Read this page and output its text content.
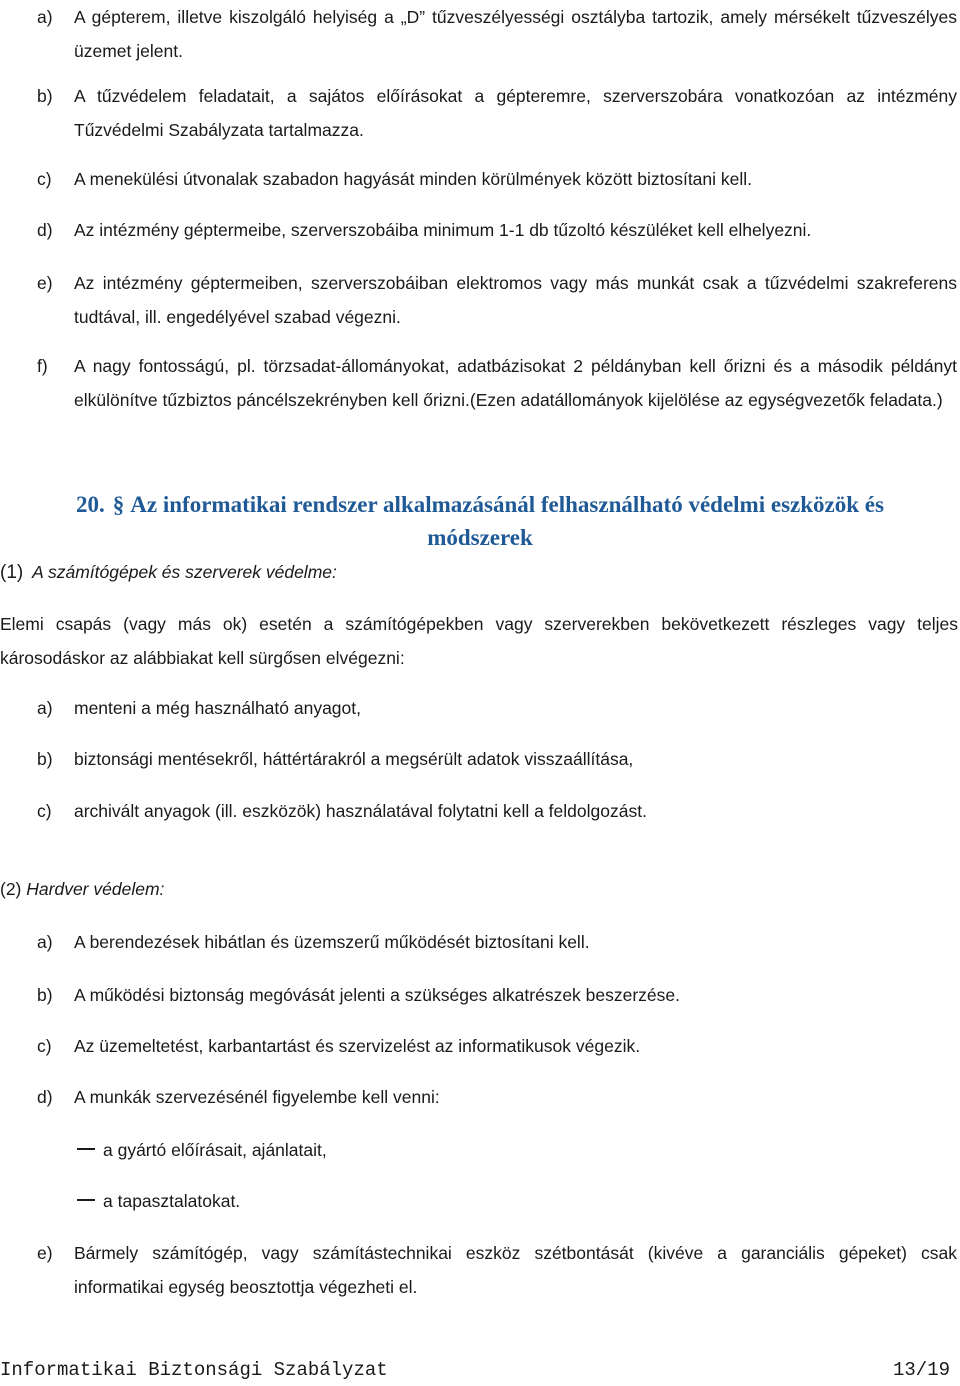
a) A gépterem, illetve kiszolgáló helyiség a „D” tűzveszélyességi osztályba tartozik, amely mérsékelt tűzveszélyes üzemet jelent.
b) A tűzvédelem feladatait, a sajátos előírásokat a gépteremre, szerverszobára vonatkozóan az intézmény Tűzvédelmi Szabályzata tartalmazza.
c) A menekülési útvonalak szabadon hagyását minden körülmények között biztosítani kell.
d) Az intézmény géptermeibe, szerverszobáiba minimum 1-1 db tűzoltó készüléket kell elhelyezni.
e) Az intézmény géptermeiben, szerverszobáiban elektromos vagy más munkát csak a tűzvédelmi szakreferens tudtával, ill. engedélyével szabad végezni.
f) A nagy fontosságú, pl. törzsadat-állományokat, adatbázisokat 2 példányban kell őrizni és a második példányt elkülönítve tűzbiztos páncélszekrényben kell őrizni.(Ezen adatállományok kijelölése az egységvezetők feladata.)
20. § Az informatikai rendszer alkalmazásánál felhasználható védelmi eszközök és
módszerek
(1) A számítógépek és szerverek védelme:
Elemi csapás (vagy más ok) esetén a számítógépekben vagy szerverekben bekövetkezett részleges vagy teljes károsodáskor az alábbiakat kell sürgősen elvégezni:
a) menteni a még használható anyagot,
b) biztonsági mentésekről, háttértárakról a megsérült adatok visszaállítása,
c) archivált anyagok (ill. eszközök) használatával folytatni kell a feldolgozást.
(2) Hardver védelem:
a) A berendezések hibátlan és üzemszerű működését biztosítani kell.
b) A működési biztonság megóvását jelenti a szükséges alkatrészek beszerzése.
c) Az üzemeltetést, karbantartást és szervizelést az informatikusok végezik.
d) A munkák szervezésénél figyelembe kell venni:
a gyártó előírásait, ajánlatait,
a tapasztalatokat.
e) Bármely számítógép, vagy számítástechnikai eszköz szétbontását (kivéve a garanciális gépeket) csak informatikai egység beosztottja végezheti el.
Informatikai Biztonsági Szabályzat	13/19
